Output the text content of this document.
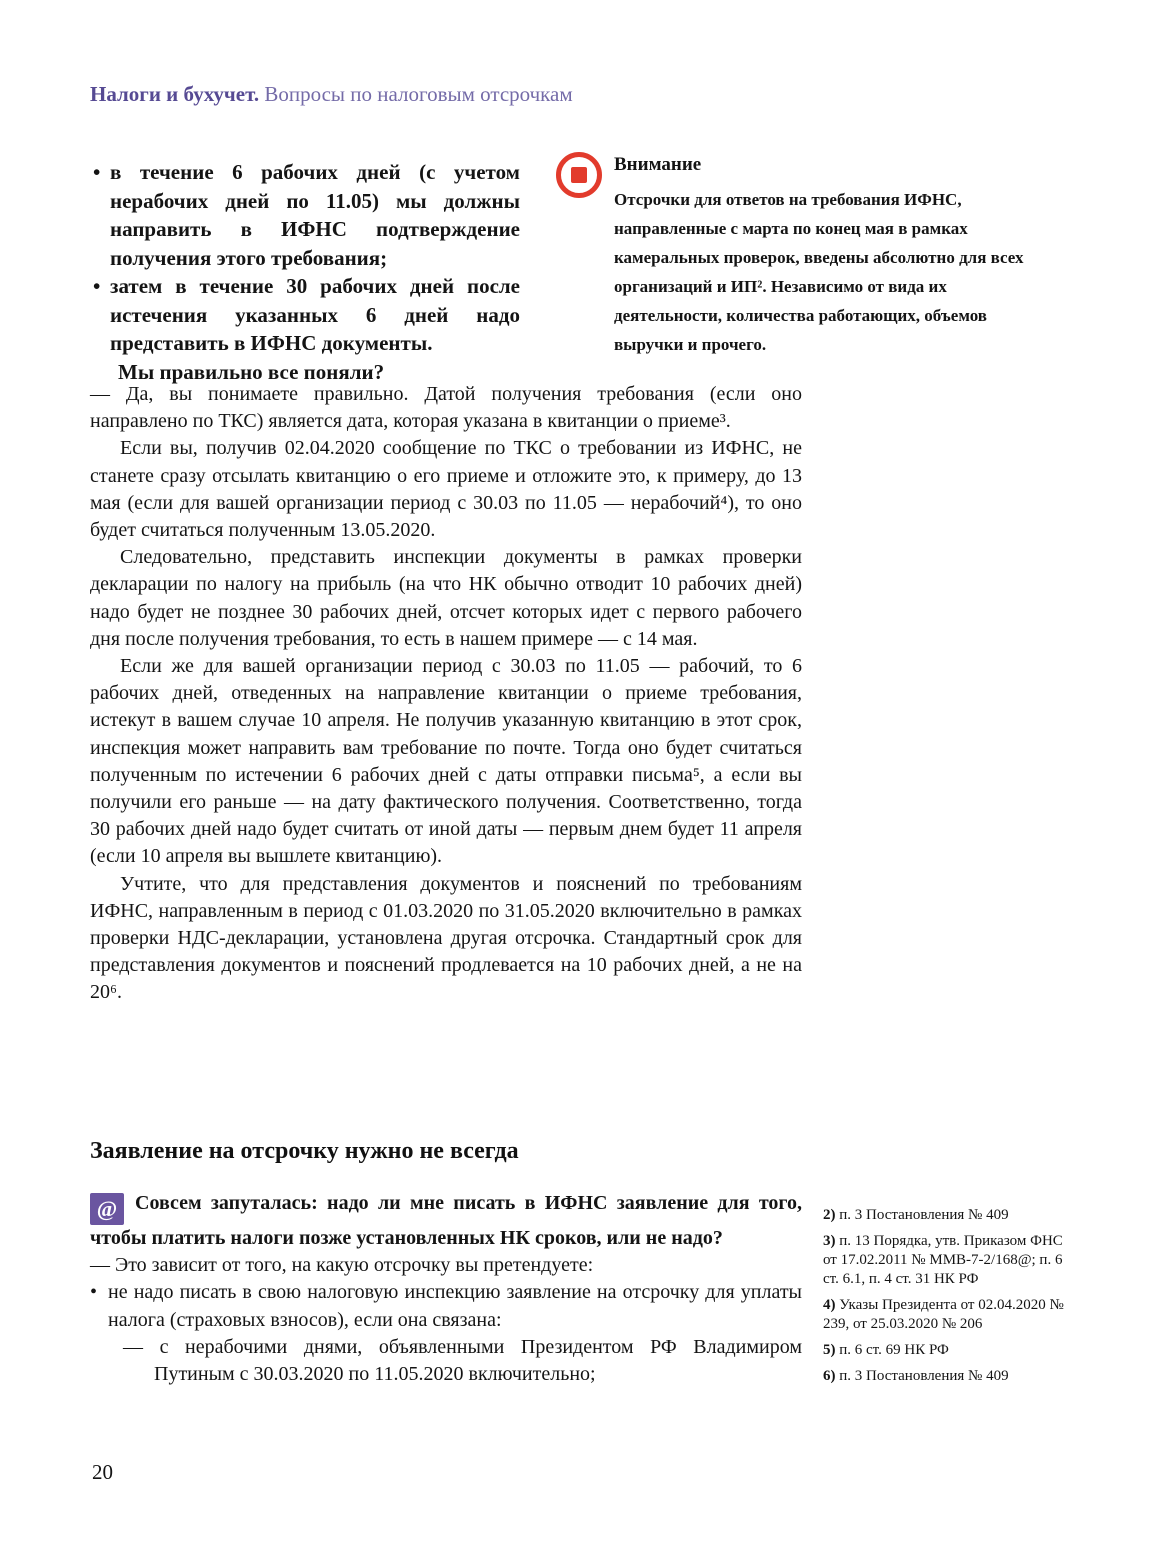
Налоги и бухучет. Вопросы по налоговым отсрочкам
• в течение 6 рабочих дней (с учетом нерабочих дней по 11.05) мы должны направить в ИФНС подтверждение получения этого требования;
• затем в течение 30 рабочих дней после истечения указанных 6 дней надо представить в ИФНС документы.
Мы правильно все поняли?
Внимание
Отсрочки для ответов на требования ИФНС, направленные с марта по конец мая в рамках камеральных проверок, введены абсолютно для всех организаций и ИП². Независимо от вида их деятельности, количества работающих, объемов выручки и прочего.

— Да, вы понимаете правильно. Датой получения требования (если оно направлено по ТКС) является дата, которая указана в квитанции о приеме³.

Если вы, получив 02.04.2020 сообщение по ТКС о требовании из ИФНС, не станете сразу отсылать квитанцию о его приеме и отложите это, к примеру, до 13 мая (если для вашей организации период с 30.03 по 11.05 — нерабочий⁴), то оно будет считаться полученным 13.05.2020.

Следовательно, представить инспекции документы в рамках проверки декларации по налогу на прибыль (на что НК обычно отводит 10 рабочих дней) надо будет не позднее 30 рабочих дней, отсчет которых идет с первого рабочего дня после получения требования, то есть в нашем примере — с 14 мая.

Если же для вашей организации период с 30.03 по 11.05 — рабочий, то 6 рабочих дней, отведенных на направление квитанции о приеме требования, истекут в вашем случае 10 апреля. Не получив указанную квитанцию в этот срок, инспекция может направить вам требование по почте. Тогда оно будет считаться полученным по истечении 6 рабочих дней с даты отправки письма⁵, а если вы получили его раньше — на дату фактического получения. Соответственно, тогда 30 рабочих дней надо будет считать от иной даты — первым днем будет 11 апреля (если 10 апреля вы вышлете квитанцию).

Учтите, что для представления документов и пояснений по требованиям ИФНС, направленным в период с 01.03.2020 по 31.05.2020 включительно в рамках проверки НДС-декларации, установлена другая отсрочка. Стандартный срок для представления документов и пояснений продлевается на 10 рабочих дней, а не на 20⁶.

Заявление на отсрочку нужно не всегда

@ Совсем запуталась: надо ли мне писать в ИФНС заявление для того, чтобы платить налоги позже установленных НК сроков, или не надо?

— Это зависит от того, на какую отсрочку вы претендуете:

• не надо писать в свою налоговую инспекцию заявление на отсрочку для уплаты налога (страховых взносов), если она связана:
— с нерабочими днями, объявленными Президентом РФ Владимиром Путиным с 30.03.2020 по 11.05.2020 включительно;
2) п. 3 Постановления № 409
3) п. 13 Порядка, утв. Приказом ФНС от 17.02.2011 № ММВ-7-2/168@; п. 6 ст. 6.1, п. 4 ст. 31 НК РФ
4) Указы Президента от 02.04.2020 № 239, от 25.03.2020 № 206
5) п. 6 ст. 69 НК РФ
6) п. 3 Постановления № 409
20
